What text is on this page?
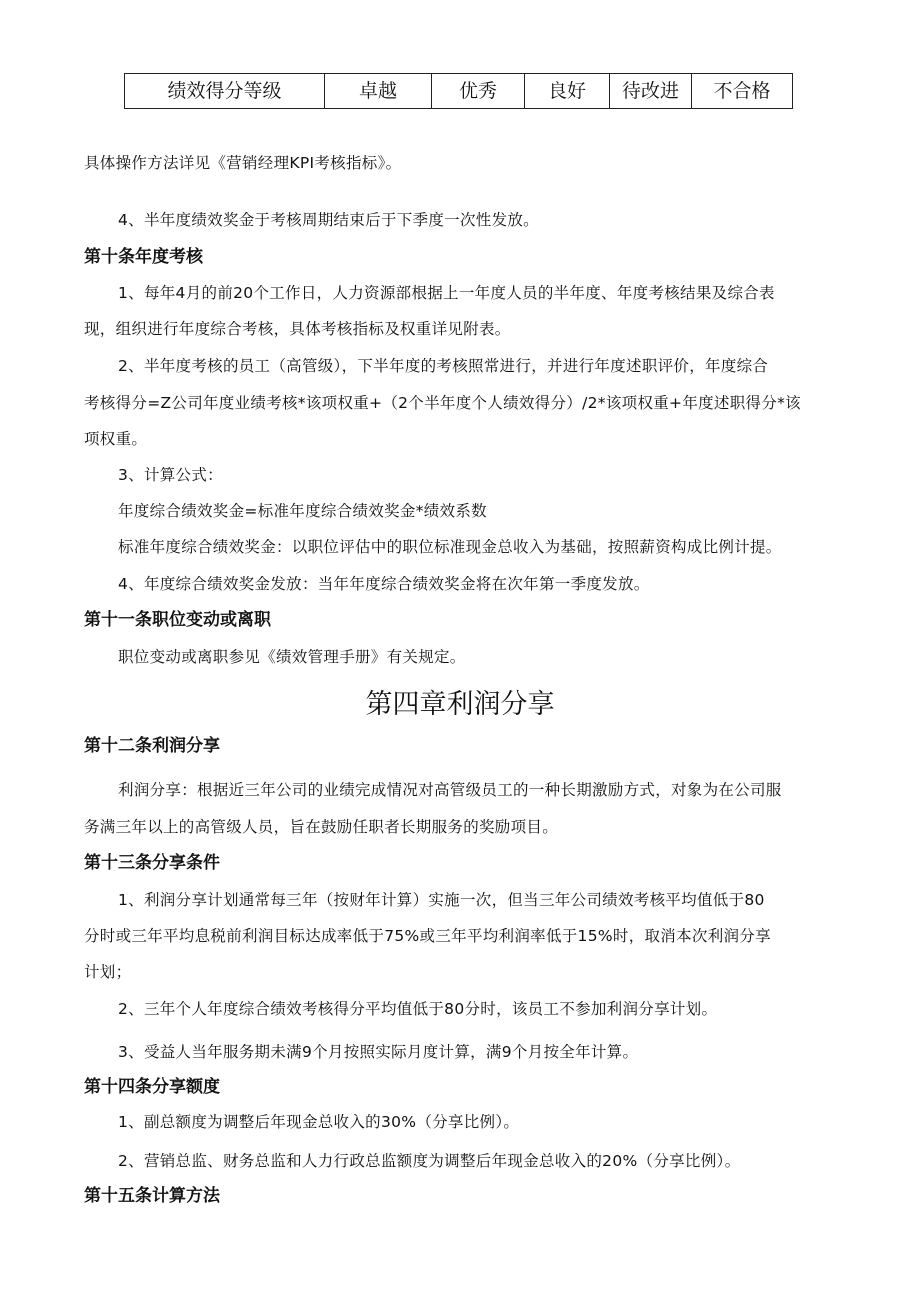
绩效得分等级	卓越	优秀	良好	待改进	不合格
具体操作方法详见《营销经理KPI考核指标》。
4、半年度绩效奖金于考核周期结束后于下季度一次性发放。
第十条年度考核
1、每年4月的前20个工作日，人力资源部根据上一年度人员的半年度、年度考核结果及综合表
现，组织进行年度综合考核，具体考核指标及权重详见附表。
2、半年度考核的员工（高管级），下半年度的考核照常进行，并进行年度述职评价，年度综合
考核得分=Z公司年度业绩考核*该项权重+（2个半年度个人绩效得分）/2*该项权重+年度述职得分*该
项权重。
3、计算公式：
年度综合绩效奖金=标准年度综合绩效奖金*绩效系数
标准年度综合绩效奖金：以职位评估中的职位标准现金总收入为基础，按照薪资构成比例计提。
4、年度综合绩效奖金发放：当年年度综合绩效奖金将在次年第一季度发放。
第十一条职位变动或离职
职位变动或离职参见《绩效管理手册》有关规定。
第四章利润分享
第十二条利润分享
利润分享：根据近三年公司的业绩完成情况对高管级员工的一种长期激励方式，对象为在公司服
务满三年以上的高管级人员，旨在鼓励任职者长期服务的奖励项目。
第十三条分享条件
1、利润分享计划通常每三年（按财年计算）实施一次，但当三年公司绩效考核平均值低于80
分时或三年平均息税前利润目标达成率低于75%或三年平均利润率低于15%时，取消本次利润分享
计划；
2、三年个人年度综合绩效考核得分平均值低于80分时，该员工不参加利润分享计划。
3、受益人当年服务期未满9个月按照实际月度计算，满9个月按全年计算。
第十四条分享额度
1、副总额度为调整后年现金总收入的30%（分享比例）。
2、营销总监、财务总监和人力行政总监额度为调整后年现金总收入的20%（分享比例）。
第十五条计算方法
